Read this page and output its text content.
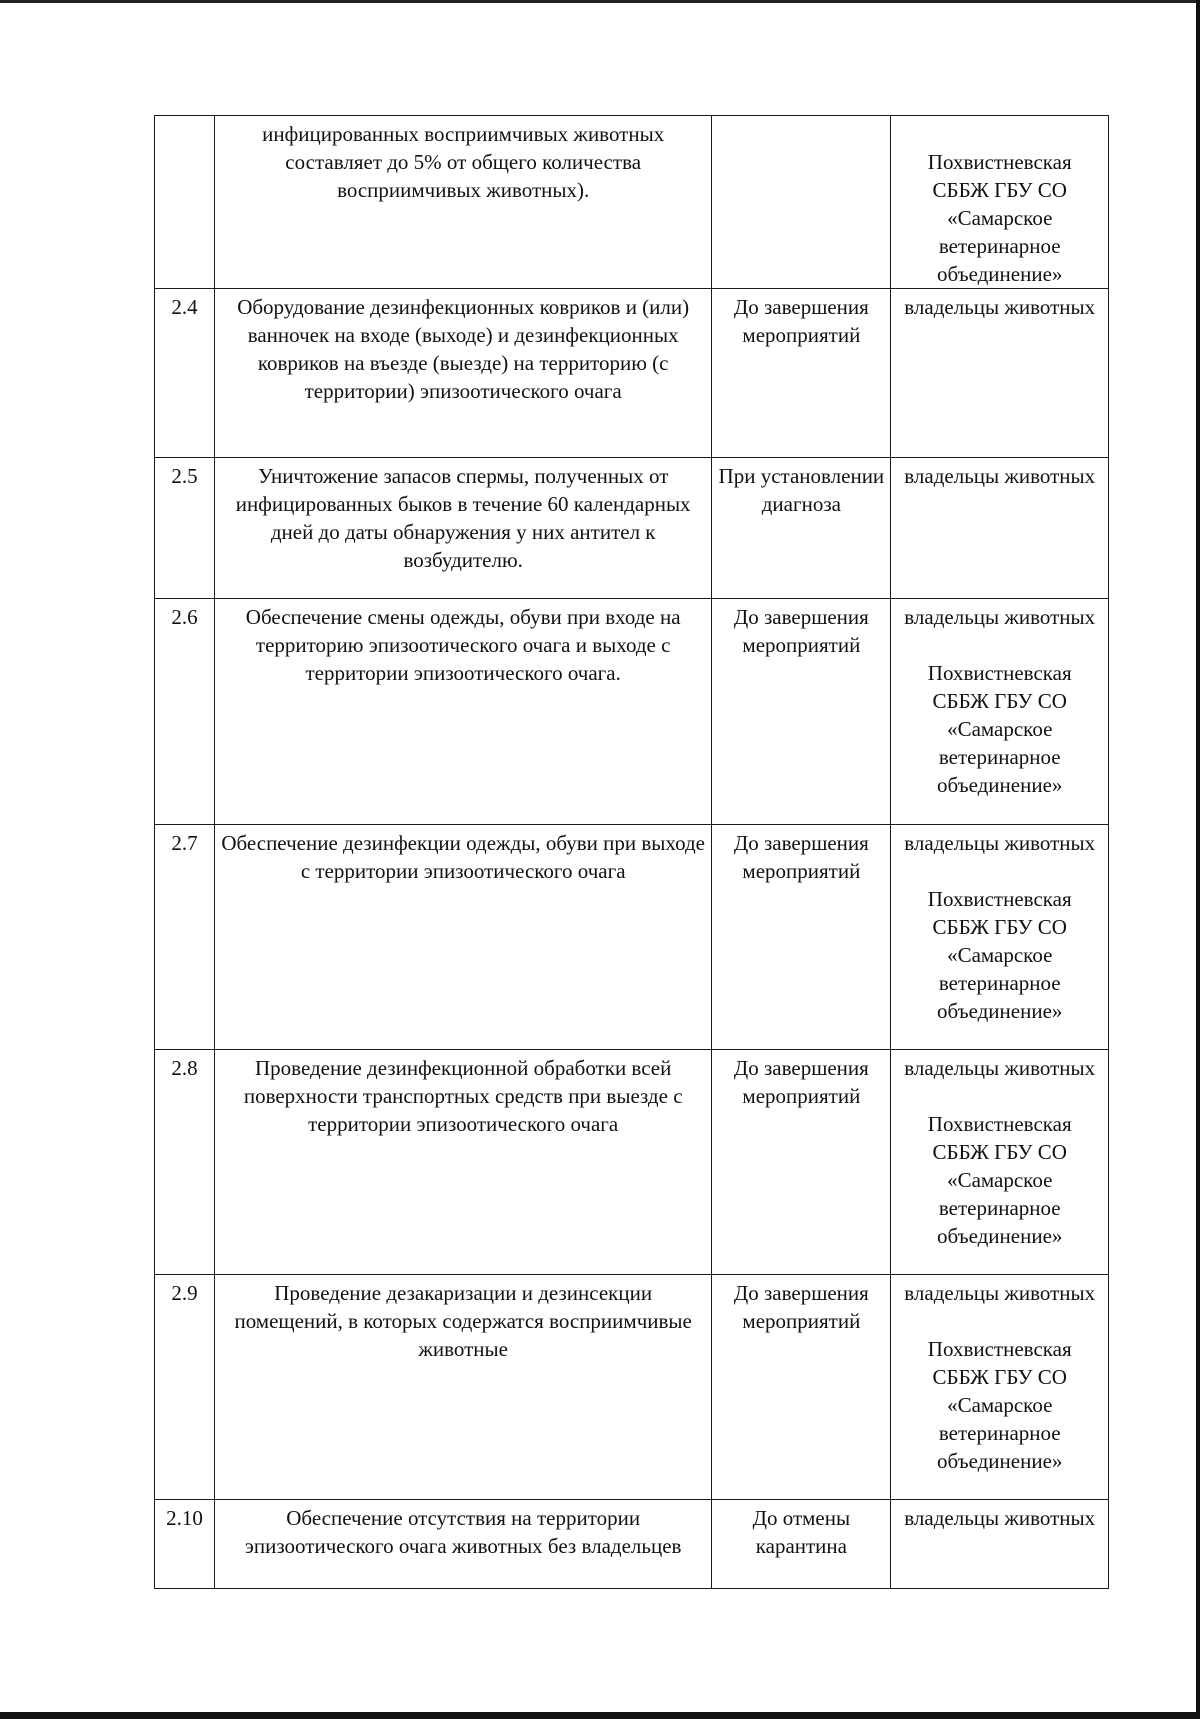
	инфицированных восприимчивых животных составляет до 5% от общего количества восприимчивых животных).		Похвистневская СББЖ ГБУ СО «Самарское ветеринарное объединение»

2.4	Оборудование дезинфекционных ковриков и (или) ванночек на входе (выходе) и дезинфекционных ковриков на въезде (выезде) на территорию (с территории) эпизоотического очага	До завершения мероприятий	владельцы животных

2.5	Уничтожение запасов спермы, полученных от инфицированных быков в течение 60 календарных дней до даты обнаружения у них антител к возбудителю.	При установлении диагноза	владельцы животных

2.6	Обеспечение смены одежды, обуви при входе на территорию эпизоотического очага и выходе с территории эпизоотического очага.	До завершения мероприятий	владельцы животных
Похвистневская СББЖ ГБУ СО «Самарское ветеринарное объединение»

2.7	Обеспечение дезинфекции одежды, обуви при выходе с территории эпизоотического очага	До завершения мероприятий	владельцы животных
Похвистневская СББЖ ГБУ СО «Самарское ветеринарное объединение»

2.8	Проведение дезинфекционной обработки всей поверхности транспортных средств при выезде с территории эпизоотического очага	До завершения мероприятий	владельцы животных
Похвистневская СББЖ ГБУ СО «Самарское ветеринарное объединение»

2.9	Проведение дезакаризации и дезинсекции помещений, в которых содержатся восприимчивые животные	До завершения мероприятий	владельцы животных
Похвистневская СББЖ ГБУ СО «Самарское ветеринарное объединение»

2.10	Обеспечение отсутствия на территории эпизоотического очага животных без владельцев	До отмены карантина	владельцы животных
